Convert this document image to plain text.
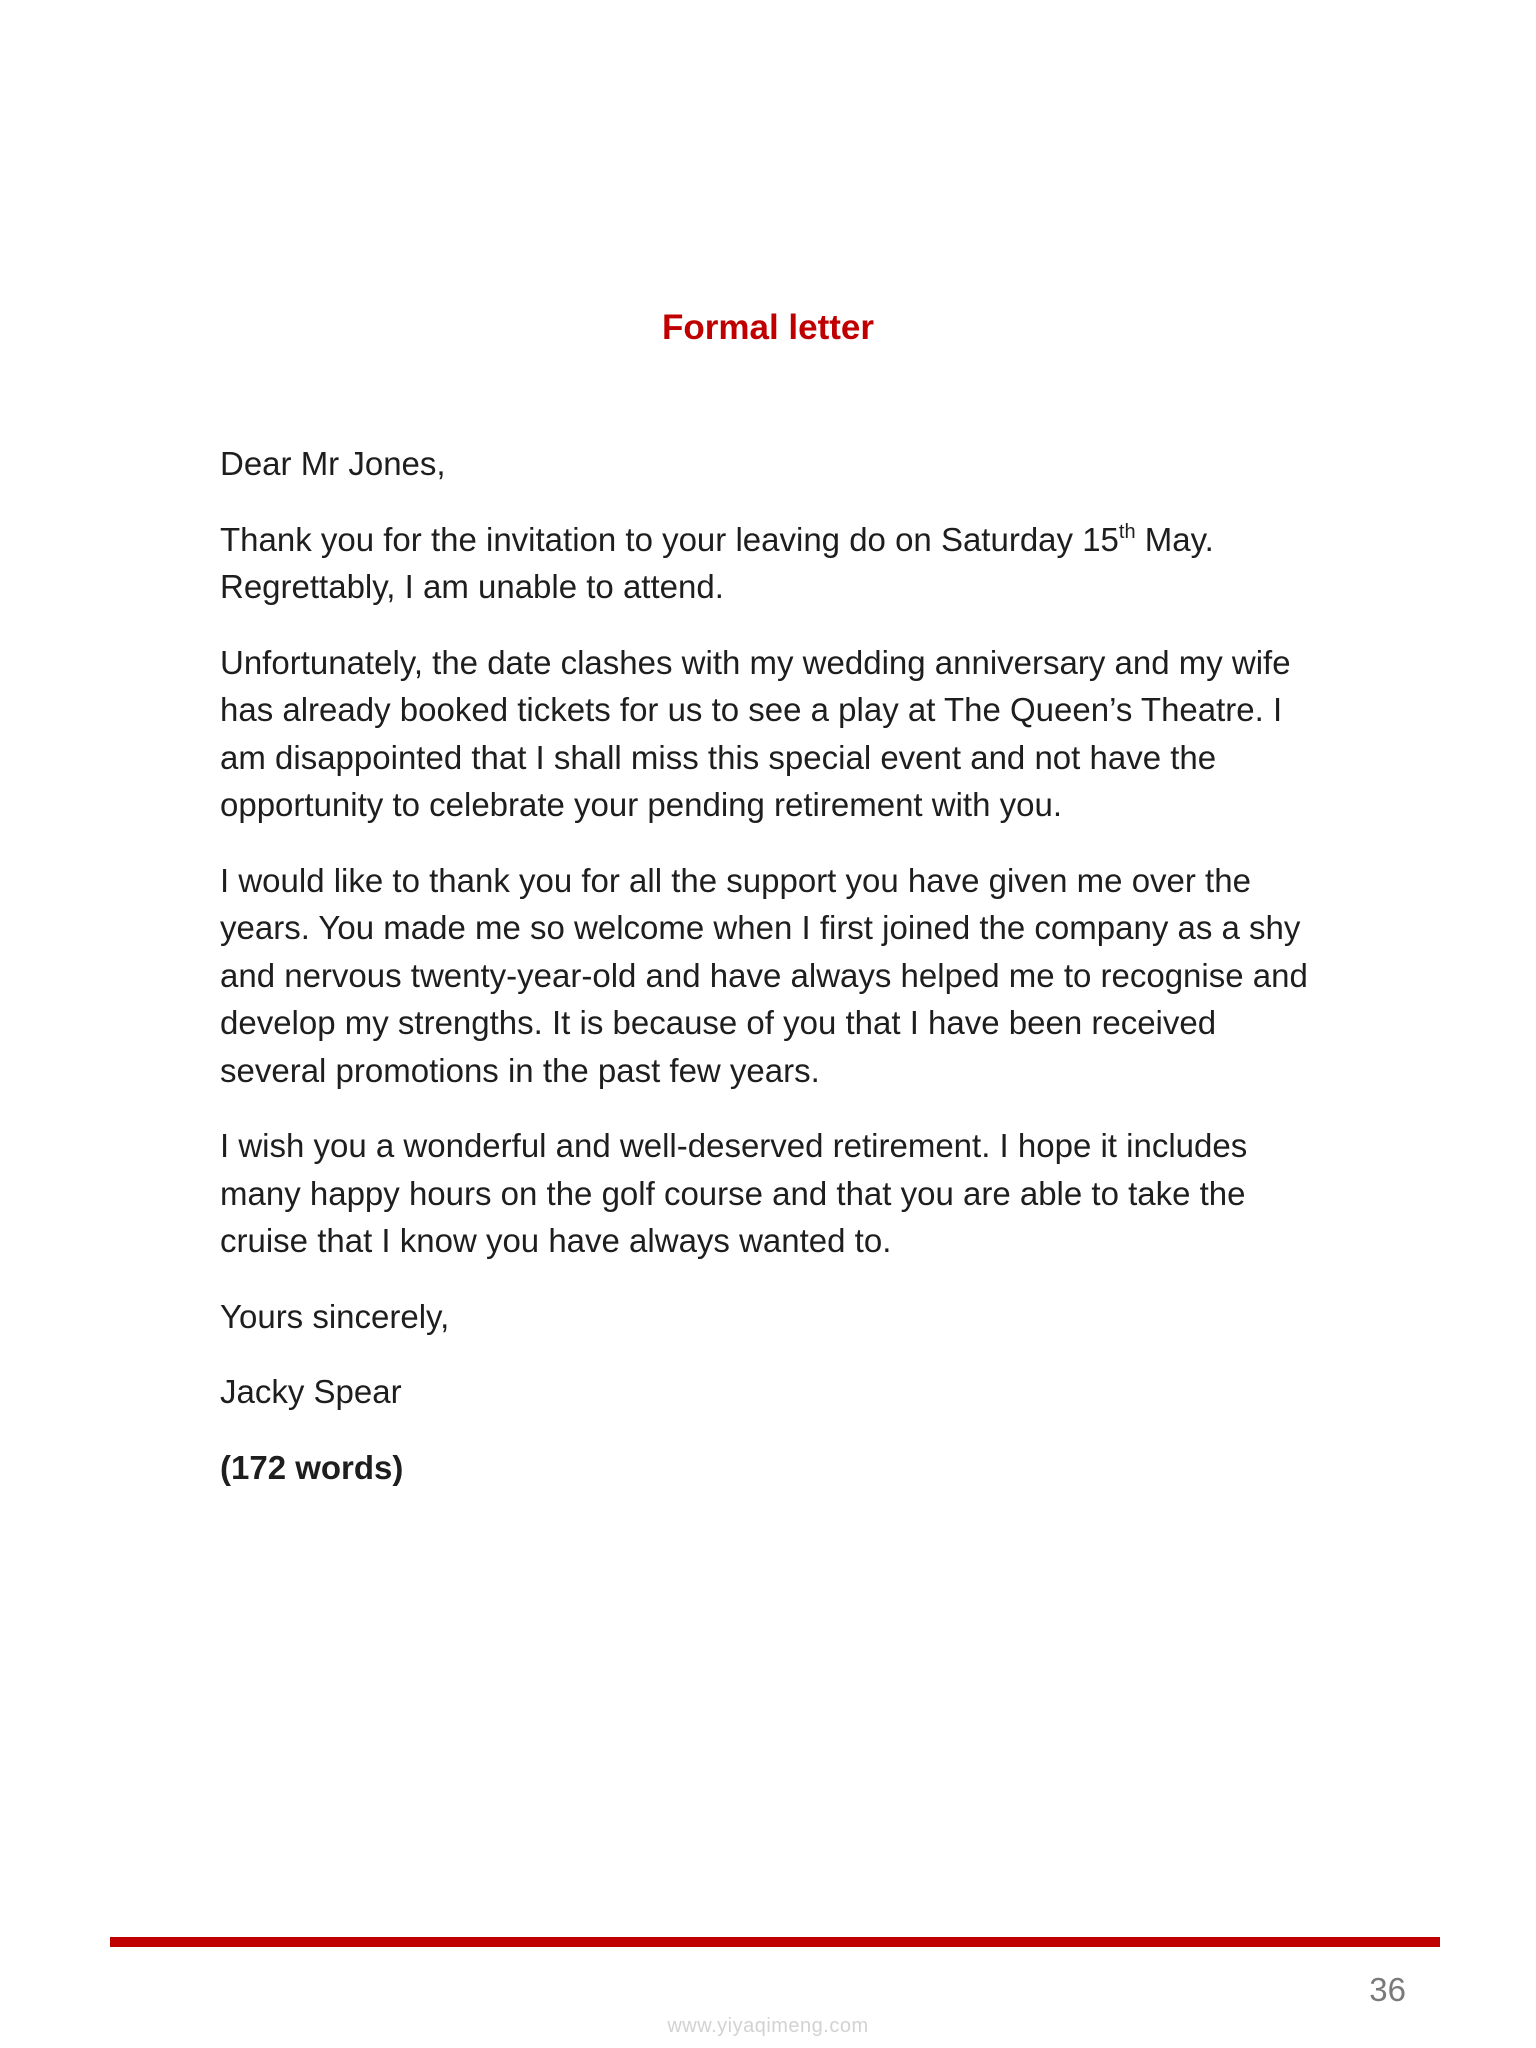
Formal letter

Dear Mr Jones,

Thank you for the invitation to your leaving do on Saturday 15th May. Regrettably, I am unable to attend.

Unfortunately, the date clashes with my wedding anniversary and my wife has already booked tickets for us to see a play at The Queen’s Theatre. I am disappointed that I shall miss this special event and not have the opportunity to celebrate your pending retirement with you.

I would like to thank you for all the support you have given me over the years. You made me so welcome when I first joined the company as a shy and nervous twenty-year-old and have always helped me to recognise and develop my strengths. It is because of you that I have been received several promotions in the past few years.

I wish you a wonderful and well-deserved retirement. I hope it includes many happy hours on the golf course and that you are able to take the cruise that I know you have always wanted to.

Yours sincerely,

Jacky Spear

(172 words)

36
www.yiyaqimeng.com
